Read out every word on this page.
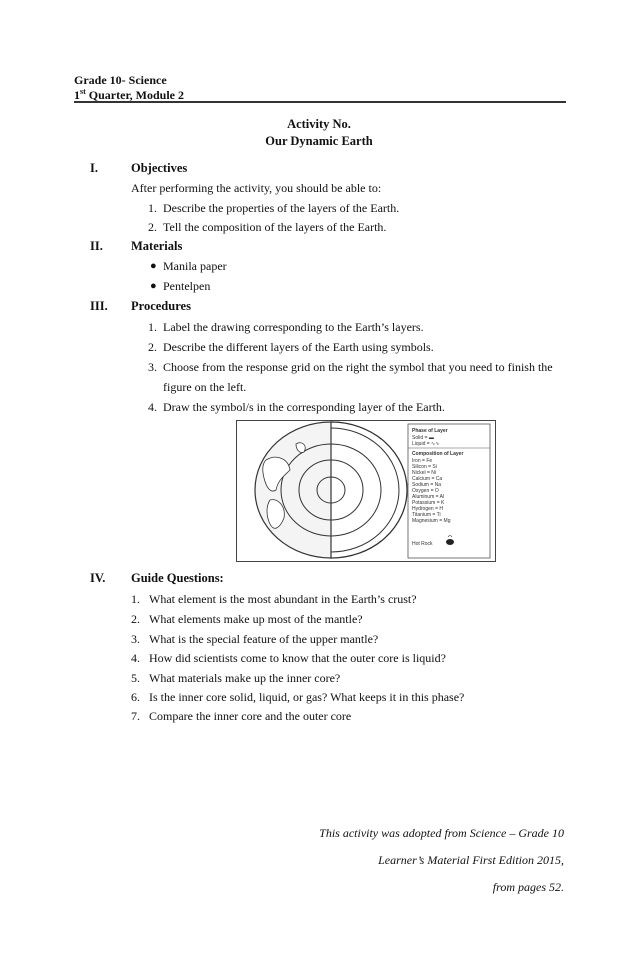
Grade 10- Science
1st Quarter, Module 2
Activity No.
Our Dynamic Earth
I.	Objectives
After performing the activity, you should be able to:
1. Describe the properties of the layers of the Earth.
2. Tell the composition of the layers of the Earth.
II. Materials
● Manila paper
● Pentelpen
III. Procedures
1. Label the drawing corresponding to the Earth’s layers.
2. Describe the different layers of the Earth using symbols.
3. Choose from the response grid on the right the symbol that you need to finish the
figure on the left.
4. Draw the symbol/s in the corresponding layer of the Earth.
Phase of Layer
Solid = ▬
Liquid = ∿∿
Composition of Layer
Iron = Fe
Silicon = Si
Nickel = Ni
Calcium = Ca
Sodium = Na
Oxygen = O
Aluminum = Al
Potassium = K
Hydrogen = H
Titanium = Ti
Magnesium = Mg
Hot Rock
IV. Guide Questions:
1. What element is the most abundant in the Earth’s crust?
2. What elements make up most of the mantle?
3. What is the special feature of the upper mantle?
4. How did scientists come to know that the outer core is liquid?
5. What materials make up the inner core?
6. Is the inner core solid, liquid, or gas? What keeps it in this phase?
7. Compare the inner core and the outer core
This activity was adopted from Science – Grade 10
Learner’s Material First Edition 2015,
from pages 52.
